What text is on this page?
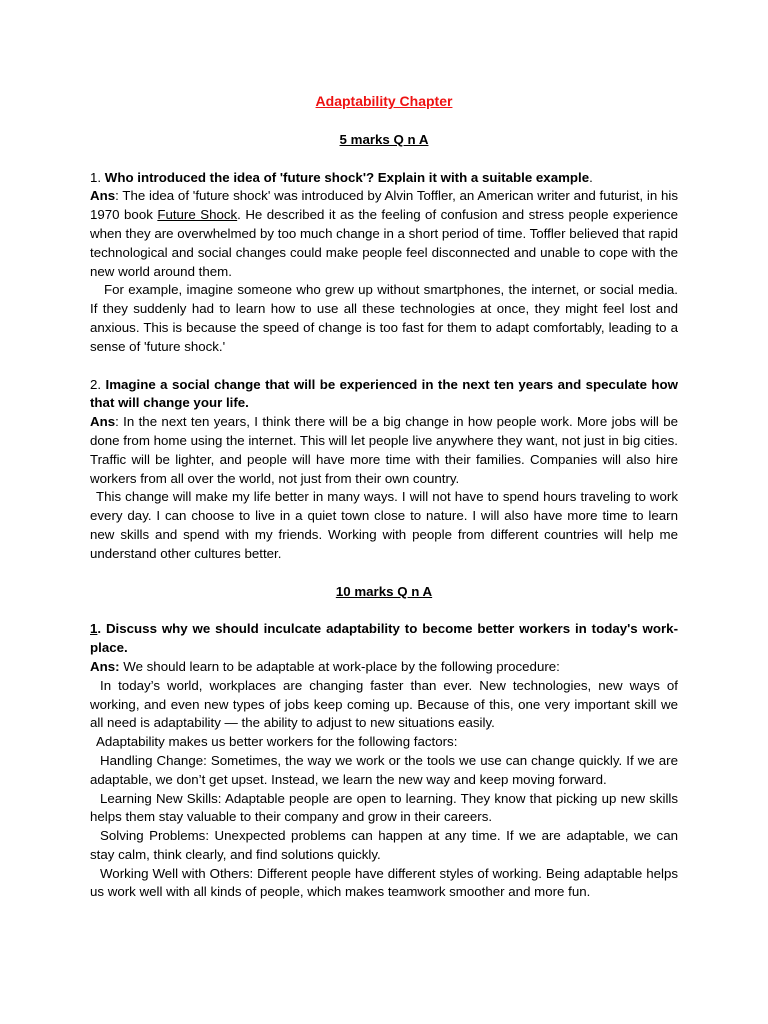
Adaptability Chapter
5 marks Q n A

1. Who introduced the idea of 'future shock'? Explain it with a suitable example.

Ans: The idea of 'future shock' was introduced by Alvin Toffler, an American writer and futurist, in his 1970 book Future Shock. He described it as the feeling of confusion and stress people experience when they are overwhelmed by too much change in a short period of time. Toffler believed that rapid technological and social changes could make people feel disconnected and unable to cope with the new world around them.

For example, imagine someone who grew up without smartphones, the internet, or social media. If they suddenly had to learn how to use all these technologies at once, they might feel lost and anxious. This is because the speed of change is too fast for them to adapt comfortably, leading to a sense of 'future shock.'

2. Imagine a social change that will be experienced in the next ten years and speculate how that will change your life.

Ans: In the next ten years, I think there will be a big change in how people work. More jobs will be done from home using the internet. This will let people live anywhere they want, not just in big cities. Traffic will be lighter, and people will have more time with their families. Companies will also hire workers from all over the world, not just from their own country.

This change will make my life better in many ways. I will not have to spend hours traveling to work every day. I can choose to live in a quiet town close to nature. I will also have more time to learn new skills and spend with my friends. Working with people from different countries will help me understand other cultures better.

10 marks Q n A

1. Discuss why we should inculcate adaptability to become better workers in today's work-place.

Ans: We should learn to be adaptable at work-place by the following procedure:

In today’s world, workplaces are changing faster than ever. New technologies, new ways of working, and even new types of jobs keep coming up. Because of this, one very important skill we all need is adaptability — the ability to adjust to new situations easily.

Adaptability makes us better workers for the following factors:

Handling Change: Sometimes, the way we work or the tools we use can change quickly. If we are adaptable, we don’t get upset. Instead, we learn the new way and keep moving forward.

Learning New Skills: Adaptable people are open to learning. They know that picking up new skills helps them stay valuable to their company and grow in their careers.

Solving Problems: Unexpected problems can happen at any time. If we are adaptable, we can stay calm, think clearly, and find solutions quickly.

Working Well with Others: Different people have different styles of working. Being adaptable helps us work well with all kinds of people, which makes teamwork smoother and more fun.
